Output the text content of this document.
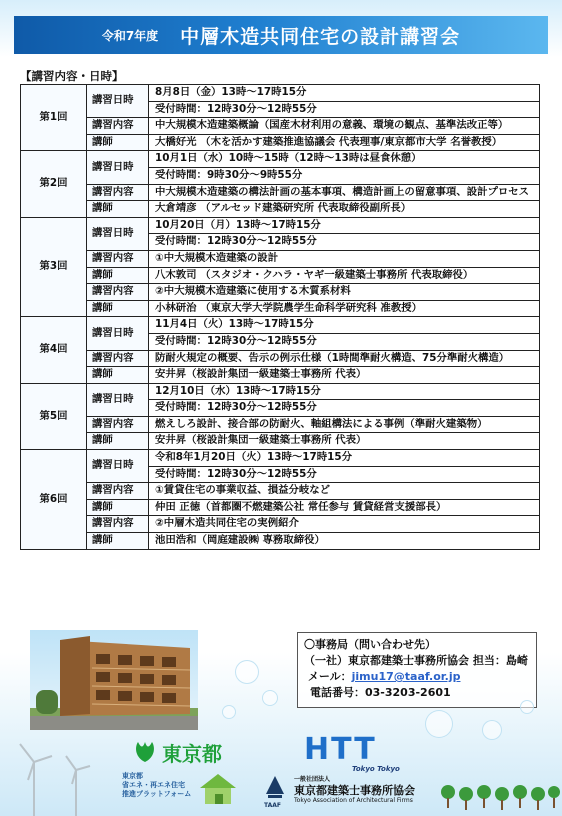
令和7年度 中層木造共同住宅の設計講習会
【講習内容・日時】
第1回	講習日時	8月8日（金）13時～17時15分
		受付時間：12時30分～12時55分
	講習内容	中大規模木造建築概論（国産木材利用の意義、環境の観点、基準法改正等）
	講師	大橋好光 （木を活かす建築推進協議会 代表理事/東京都市大学 名誉教授）
第2回	講習日時	10月1日（水）10時～15時（12時～13時は昼食休憩）
		受付時間：9時30分～9時55分
	講習内容	中大規模木造建築の構法計画の基本事項、構造計画上の留意事項、設計プロセス
	講師	大倉靖彦 （アルセッド建築研究所 代表取締役副所長）
第3回	講習日時	10月20日（月）13時～17時15分
		受付時間：12時30分～12時55分
	講習内容	①中大規模木造建築の設計
	講師	八木敦司 （スタジオ・クハラ・ヤギ一級建築士事務所 代表取締役）
	講習内容	②中大規模木造建築に使用する木質系材料
	講師	小林研治 （東京大学大学院農学生命科学研究科 准教授）
第4回	講習日時	11月4日（火）13時～17時15分
		受付時間：12時30分～12時55分
	講習内容	防耐火規定の概要、告示の例示仕様（1時間準耐火構造、75分準耐火構造）
	講師	安井昇（桜設計集団一級建築士事務所 代表）
第5回	講習日時	12月10日（水）13時～17時15分
		受付時間：12時30分～12時55分
	講習内容	燃えしろ設計、接合部の防耐火、軸組構法による事例（準耐火建築物）
	講師	安井昇（桜設計集団一級建築士事務所 代表）
第6回	講習日時	令和8年1月20日（火）13時～17時15分
		受付時間：12時30分～12時55分
	講習内容	①賃貸住宅の事業収益、損益分岐など
	講師	仲田 正徳（首都圏不燃建築公社 常任参与 賃貸経営支援部長）
	講習内容	②中層木造共同住宅の実例紹介
	講師	池田浩和（岡庭建設㈱ 専務取締役）
〇事務局（問い合わせ先）
（一社）東京都建築士事務所協会 担当：島崎
メール：jimu17@taaf.or.jp
電話番号：03-3203-2601
東京都	HTT
Tokyo Tokyo
東京都
省エネ・再エネ住宅
推進プラットフォーム
一般社団法人
東京都建築士事務所協会
Tokyo Association of Architectural Firms
TAAF
